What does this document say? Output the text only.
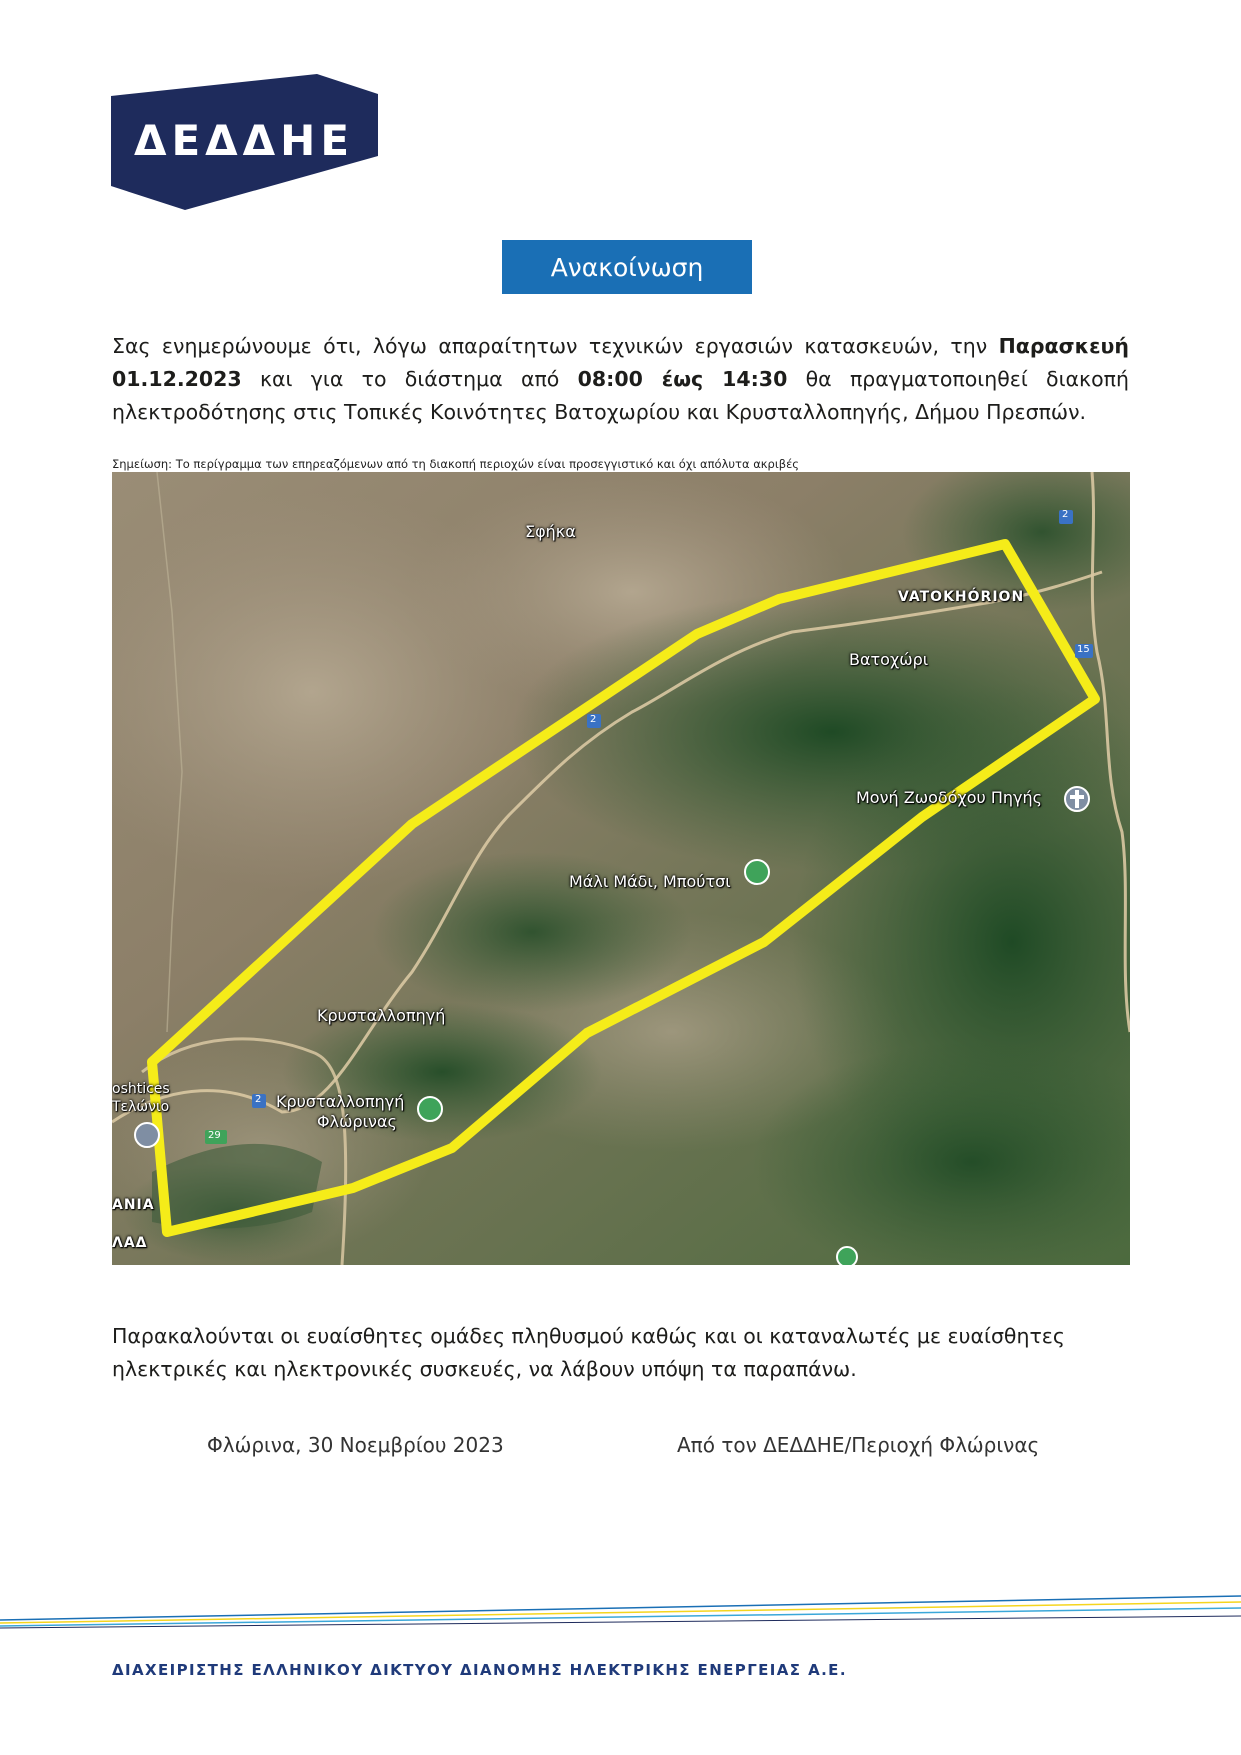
ΔΕΔΔΗΕ
Ανακοίνωση

Σας ενημερώνουμε ότι, λόγω απαραίτητων τεχνικών εργασιών κατασκευών, την Παρασκευή 01.12.2023 και για το διάστημα από 08:00 έως 14:30 θα πραγματοποιηθεί διακοπή ηλεκτροδότησης στις Τοπικές Κοινότητες Βατοχωρίου και Κρυσταλλοπηγής, Δήμου Πρεσπών.

Σημείωση: Το περίγραμμα των επηρεαζόμενων από τη διακοπή περιοχών είναι προσεγγιστικό και όχι απόλυτα ακριβές

Σφήκα
VATOKHÓRION
Βατοχώρι
Μονή Ζωοδόχου Πηγής
Μάλι Μάδι, Μπούτσι
Κρυσταλλοπηγή
Κρυσταλλοπηγή
Φλώρινας
oshtices
Τελώνιο
ANIA
ΛΑΔ
2
15
2
2
29

Παρακαλούνται οι ευαίσθητες ομάδες πληθυσμού καθώς και οι καταναλωτές με ευαίσθητες ηλεκτρικές και ηλεκτρονικές συσκευές, να λάβουν υπόψη τα παραπάνω.

Φλώρινα, 30 Νοεμβρίου 2023	Από τον ΔΕΔΔΗΕ/Περιοχή Φλώρινας
ΔΙΑΧΕΙΡΙΣΤΗΣ ΕΛΛΗΝΙΚΟΥ ΔΙΚΤΥΟΥ ΔΙΑΝΟΜΗΣ ΗΛΕΚΤΡΙΚΗΣ ΕΝΕΡΓΕΙΑΣ Α.Ε.
